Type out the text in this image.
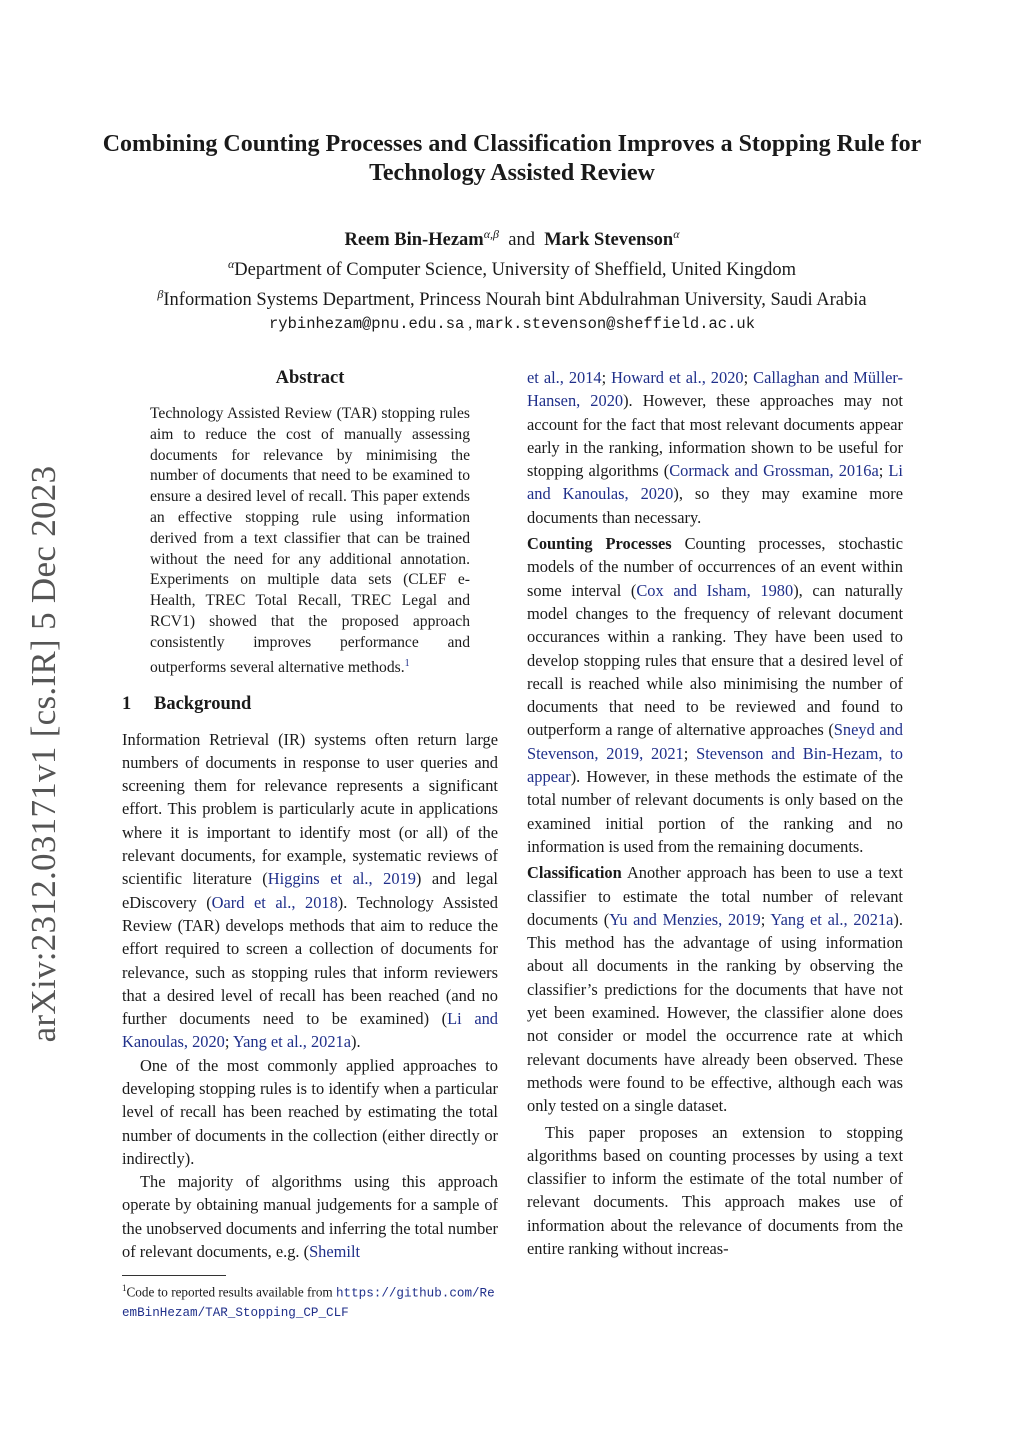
arXiv:2312.03171v1 [cs.IR] 5 Dec 2023
Combining Counting Processes and Classification Improves a Stopping Rule for Technology Assisted Review
Reem Bin-Hezam$^{\alpha,\beta}$ and Mark Stevenson$^\alpha$
$^\alpha$Department of Computer Science, University of Sheffield, United Kingdom
$^\beta$Information Systems Department, Princess Nourah bint Abdulrahman University, Saudi Arabia
rybinhezam@pnu.edu.sa , mark.stevenson@sheffield.ac.uk
Abstract

Technology Assisted Review (TAR) stopping rules aim to reduce the cost of manually assessing documents for relevance by minimising the number of documents that need to be examined to ensure a desired level of recall. This paper extends an effective stopping rule using information derived from a text classifier that can be trained without the need for any additional annotation. Experiments on multiple data sets (CLEF e-Health, TREC Total Recall, TREC Legal and RCV1) showed that the proposed approach consistently improves performance and outperforms several alternative methods.$^1$

1 Background

Information Retrieval (IR) systems often return large numbers of documents in response to user queries and screening them for relevance represents a significant effort. This problem is particularly acute in applications where it is important to identify most (or all) of the relevant documents, for example, systematic reviews of scientific literature (Higgins et al., 2019) and legal eDiscovery (Oard et al., 2018). Technology Assisted Review (TAR) develops methods that aim to reduce the effort required to screen a collection of documents for relevance, such as stopping rules that inform reviewers that a desired level of recall has been reached (and no further documents need to be examined) (Li and Kanoulas, 2020; Yang et al., 2021a).

One of the most commonly applied approaches to developing stopping rules is to identify when a particular level of recall has been reached by estimating the total number of documents in the collection (either directly or indirectly).

The majority of algorithms using this approach operate by obtaining manual judgements for a sample of the unobserved documents and inferring the total number of relevant documents, e.g. (Shemilt

$^1$Code to reported results available from https://github.com/ReemBinHezam/TAR_Stopping_CP_CLF

et al., 2014; Howard et al., 2020; Callaghan and Müller-Hansen, 2020). However, these approaches may not account for the fact that most relevant documents appear early in the ranking, information shown to be useful for stopping algorithms (Cormack and Grossman, 2016a; Li and Kanoulas, 2020), so they may examine more documents than necessary.

Counting Processes Counting processes, stochastic models of the number of occurrences of an event within some interval (Cox and Isham, 1980), can naturally model changes to the frequency of relevant document occurances within a ranking. They have been used to develop stopping rules that ensure that a desired level of recall is reached while also minimising the number of documents that need to be reviewed and found to outperform a range of alternative approaches (Sneyd and Stevenson, 2019, 2021; Stevenson and Bin-Hezam, to appear). However, in these methods the estimate of the total number of relevant documents is only based on the examined initial portion of the ranking and no information is used from the remaining documents.

Classification Another approach has been to use a text classifier to estimate the total number of relevant documents (Yu and Menzies, 2019; Yang et al., 2021a). This method has the advantage of using information about all documents in the ranking by observing the classifier’s predictions for the documents that have not yet been examined. However, the classifier alone does not consider or model the occurrence rate at which relevant documents have already been observed. These methods were found to be effective, although each was only tested on a single dataset.

This paper proposes an extension to stopping algorithms based on counting processes by using a text classifier to inform the estimate of the total number of relevant documents. This approach makes use of information about the relevance of documents from the entire ranking without increas-
